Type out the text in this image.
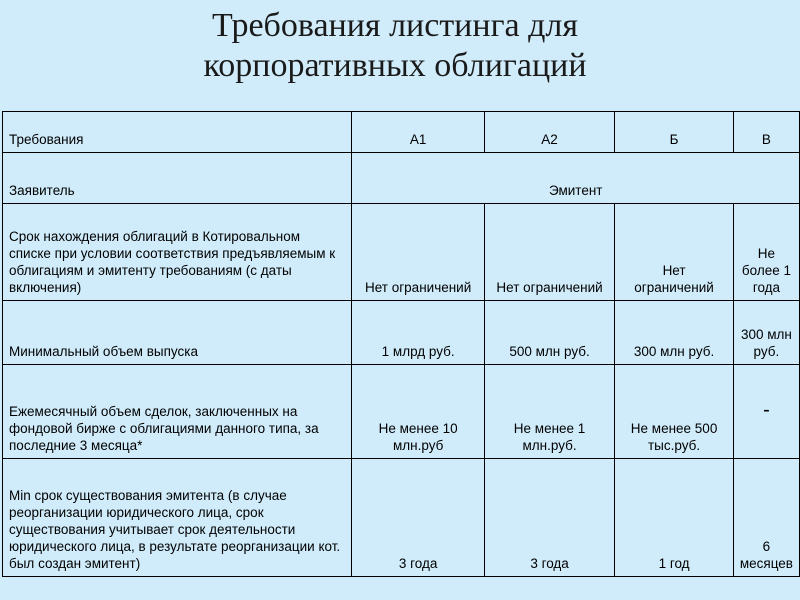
Требования листинга для
корпоративных облигаций
Требования	А1	А2	Б	В
Заявитель	Эмитент			
Срок нахождения облигаций в Котировальном списке при условии соответствия предъявляемым к облигациям и эмитенту требованиям (с даты включения)	Нет ограничений	Нет ограничений	Нет ограничений	Не более 1 года
Минимальный объем выпуска	1 млрд руб.	500 млн руб.	300 млн руб.	300 млн руб.
Ежемесячный объем сделок, заключенных на фондовой бирже с облигациями данного типа, за последние 3 месяца*	Не менее 10 млн.руб	Не менее 1 млн.руб.	Не менее 500 тыс.руб.	-
Min срок существования эмитента (в случае реорганизации юридического лица, срок существования учитывает срок деятельности юридического лица, в результате реорганизации кот. был создан эмитент)	3 года	3 года	1 год	6 месяцев
